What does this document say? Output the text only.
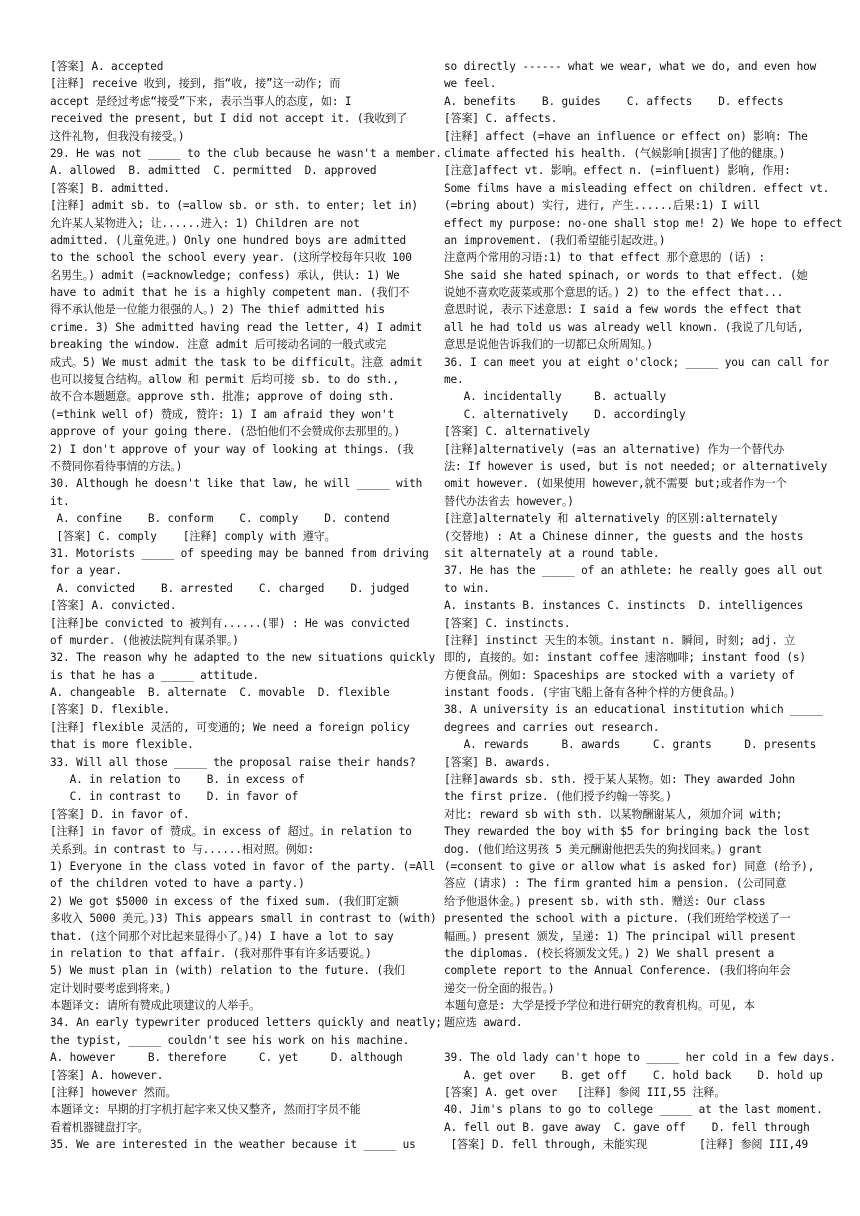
[答案] A. accepted
[注释] receive 收到, 接到, 指“收, 接”这一动作; 而
accept 是经过考虑“接受”下来, 表示当事人的态度, 如: I
received the present, but I did not accept it. (我收到了
这件礼物, 但我没有接受。)
29. He was not _____ to the club because he wasn't a member.
A. allowed  B. admitted  C. permitted  D. approved
[答案] B. admitted.
[注释] admit sb. to (=allow sb. or sth. to enter; let in)
允许某人某物进入; 让......进入: 1) Children are not
admitted. (儿童免进。) Only one hundred boys are admitted
to the school the school every year. (这所学校每年只收 100
名男生。) admit (=acknowledge; confess) 承认, 供认: 1) We
have to admit that he is a highly competent man. (我们不
得不承认他是一位能力很强的人。) 2) The thief admitted his
crime. 3) She admitted having read the letter, 4) I admit
breaking the window. 注意 admit 后可接动名词的一般式或完
成式。5) We must admit the task to be difficult。注意 admit
也可以接复合结构。allow 和 permit 后均可接 sb. to do sth.,
故不合本题题意。approve sth. 批准; approve of doing sth.
(=think well of) 赞成, 赞许: 1) I am afraid they won't
approve of your going there. (恐怕他们不会赞成你去那里的。)
2) I don't approve of your way of looking at things. (我
不赞同你看待事情的方法。)
30. Although he doesn't like that law, he will _____ with
it.
A. confine    B. conform    C. comply    D. contend
[答案] C. comply    [注释] comply with 遵守。
31. Motorists _____ of speeding may be banned from driving
for a year.
A. convicted    B. arrested    C. charged    D. judged
[答案] A. convicted.
[注释]be convicted to 被判有......(罪) : He was convicted
of murder. (他被法院判有谋杀罪。)
32. The reason why he adapted to the new situations quickly
is that he has a _____ attitude.
A. changeable  B. alternate  C. movable  D. flexible
[答案] D. flexible.
[注释] flexible 灵活的, 可变通的; We need a foreign policy
that is more flexible.
33. Will all those _____ the proposal raise their hands?
A. in relation to    B. in excess of
C. in contrast to    D. in favor of
[答案] D. in favor of.
[注释] in favor of 赞成。in excess of 超过。in relation to
关系到。in contrast to 与......相对照。例如:
1) Everyone in the class voted in favor of the party. (=All
of the children voted to have a party.)
2) We got $5000 in excess of the fixed sum. (我们盯定额
多收入 5000 美元。)3) This appears small in contrast to (with)
that. (这个同那个对比起来显得小了。)4) I have a lot to say
in relation to that affair. (我对那件事有许多话要说。)
5) We must plan in (with) relation to the future. (我们
定计划时要考虑到将来。)
本题译文: 请所有赞成此项建议的人举手。
34. An early typewriter produced letters quickly and neatly;
the typist, _____ couldn't see his work on his machine.
A. however     B. therefore     C. yet     D. although
[答案] A. however.
[注释] however 然而。
本题译文: 早期的打字机打起字来又快又整齐, 然而打字员不能
看着机器键盘打字。
35. We are interested in the weather because it _____ us
so directly ------ what we wear, what we do, and even how
we feel.
A. benefits    B. guides    C. affects    D. effects
[答案] C. affects.
[注释] affect (=have an influence or effect on) 影响: The
climate affected his health. (气候影响[损害]了他的健康。)
[注意]affect vt. 影响。effect n. (=influent) 影响, 作用:
Some films have a misleading effect on children. effect vt.
(=bring about) 实行, 进行, 产生......后果:1) I will
effect my purpose: no-one shall stop me! 2) We hope to effect
an improvement. (我们希望能引起改进。)
注意两个常用的习语:1) to that effect 那个意思的 (话) :
She said she hated spinach, or words to that effect. (她
说她不喜欢吃菠菜或那个意思的话。) 2) to the effect that...
意思时说, 表示下述意思: I said a few words the effect that
all he had told us was already well known. (我说了几句话,
意思是说他告诉我们的一切都已众所周知。)
36. I can meet you at eight o'clock; _____ you can call for
me.
A. incidentally     B. actually
C. alternatively    D. accordingly
[答案] C. alternatively
[注释]alternatively (=as an alternative) 作为一个替代办
法: If however is used, but is not needed; or alternatively
omit however. (如果使用 however,就不需要 but;或者作为一个
替代办法省去 however。)
[注意]alternately 和 alternatively 的区别:alternately
(交替地) : At a Chinese dinner, the guests and the hosts
sit alternately at a round table.
37. He has the _____ of an athlete: he really goes all out
to win.
A. instants B. instances C. instincts  D. intelligences
[答案] C. instincts.
[注释] instinct 天生的本领。instant n. 瞬间, 时刻; adj. 立
即的, 直接的。如: instant coffee 速溶咖啡; instant food (s)
方便食品。例如: Spaceships are stocked with a variety of
instant foods. (宇宙飞船上备有各种个样的方便食品。)
38. A university is an educational institution which _____
degrees and carries out research.
A. rewards     B. awards     C. grants     D. presents
[答案] B. awards.
[注释]awards sb. sth. 授于某人某物。如: They awarded John
the first prize. (他们授予约翰一等奖。)
对比: reward sb with sth. 以某物酬谢某人, 须加介词 with;
They rewarded the boy with $5 for bringing back the lost
dog. (他们给这男孩 5 美元酬谢他把丢失的狗找回来。) grant
(=consent to give or allow what is asked for) 同意 (给予),
答应 (请求) : The firm granted him a pension. (公司同意
给予他退休金。) present sb. with sth. 赠送: Our class
presented the school with a picture. (我们班给学校送了一
幅画。) present 颁发, 呈递: 1) The principal will present
the diplomas. (校长将颁发文凭。) 2) We shall present a
complete report to the Annual Conference. (我们将向年会
递交一份全面的报告。)
本题句意是: 大学是授予学位和进行研究的教育机构。可见, 本
题应选 award.
39. The old lady can't hope to _____ her cold in a few days.
A. get over    B. get off    C. hold back    D. hold up
[答案] A. get over   [注释] 参阅 III,55 注释。
40. Jim's plans to go to college _____ at the last moment.
A. fell out B. gave away  C. gave off    D. fell through
[答案] D. fell through, 未能实现        [注释] 参阅 III,49
